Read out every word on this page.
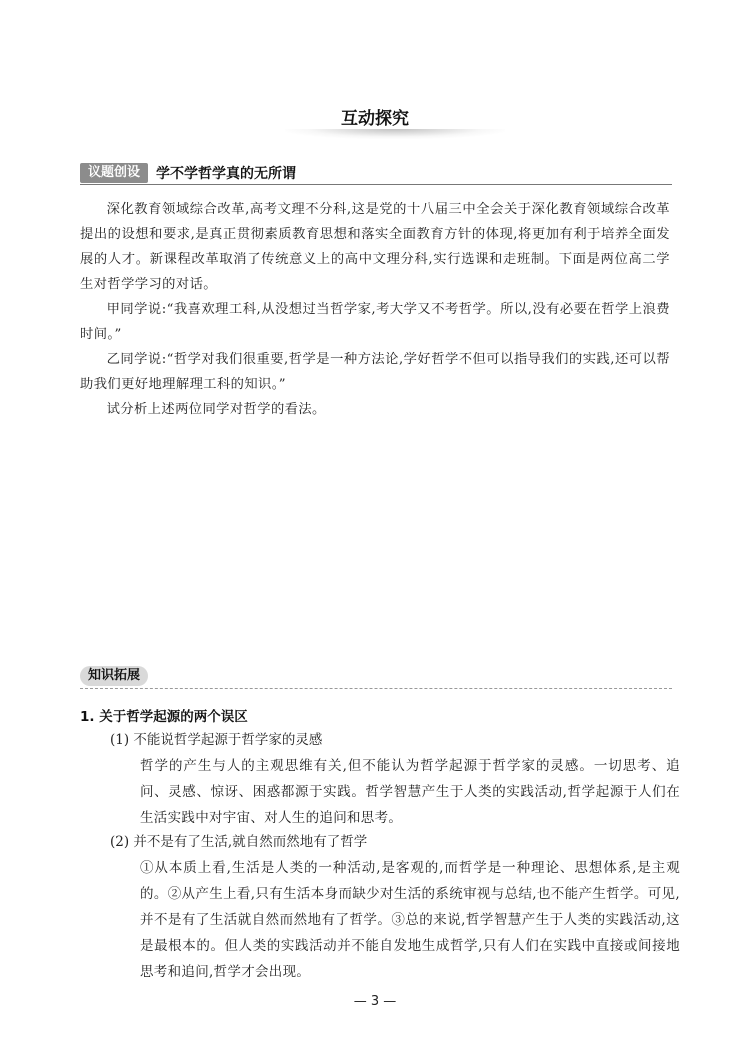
互动探究
议题创设	学不学哲学真的无所谓

深化教育领域综合改革,高考文理不分科,这是党的十八届三中全会关于深化教育领域综合改革提出的设想和要求,是真正贯彻素质教育思想和落实全面教育方针的体现,将更加有利于培养全面发展的人才。新课程改革取消了传统意义上的高中文理分科,实行选课和走班制。下面是两位高二学生对哲学学习的对话。

甲同学说:“我喜欢理工科,从没想过当哲学家,考大学又不考哲学。所以,没有必要在哲学上浪费时间。”

乙同学说:“哲学对我们很重要,哲学是一种方法论,学好哲学不但可以指导我们的实践,还可以帮助我们更好地理解理工科的知识。”

试分析上述两位同学对哲学的看法。

知识拓展
1. 关于哲学起源的两个误区
(1) 不能说哲学起源于哲学家的灵感

哲学的产生与人的主观思维有关,但不能认为哲学起源于哲学家的灵感。一切思考、追问、灵感、惊讶、困惑都源于实践。哲学智慧产生于人类的实践活动,哲学起源于人们在生活实践中对宇宙、对人生的追问和思考。

(2) 并不是有了生活,就自然而然地有了哲学

①从本质上看,生活是人类的一种活动,是客观的,而哲学是一种理论、思想体系,是主观的。②从产生上看,只有生活本身而缺少对生活的系统审视与总结,也不能产生哲学。可见,并不是有了生活就自然而然地有了哲学。③总的来说,哲学智慧产生于人类的实践活动,这是最根本的。但人类的实践活动并不能自发地生成哲学,只有人们在实践中直接或间接地思考和追问,哲学才会出现。

— 3 —
